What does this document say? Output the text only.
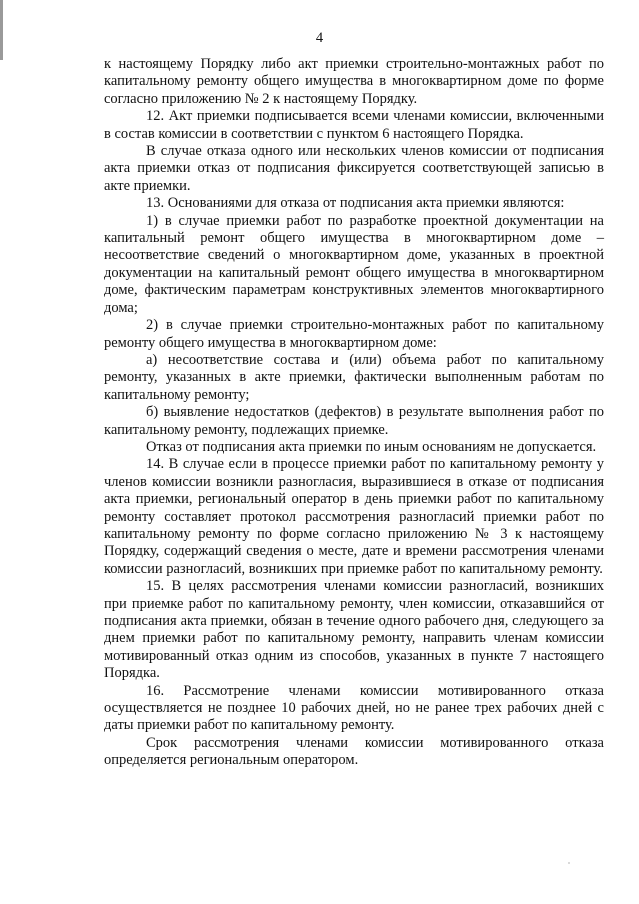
4

к настоящему Порядку либо акт приемки строительно-монтажных работ по капитальному ремонту общего имущества в многоквартирном доме по форме согласно приложению № 2 к настоящему Порядку.

12. Акт приемки подписывается всеми членами комиссии, включенными в состав комиссии в соответствии с пунктом 6 настоящего Порядка.

В случае отказа одного или нескольких членов комиссии от подписания акта приемки отказ от подписания фиксируется соответствующей записью в акте приемки.

13. Основаниями для отказа от подписания акта приемки являются:

1) в случае приемки работ по разработке проектной документации на капитальный ремонт общего имущества в многоквартирном доме – несоответствие сведений о многоквартирном доме, указанных в проектной документации на капитальный ремонт общего имущества в многоквартирном доме, фактическим параметрам конструктивных элементов многоквартирного дома;

2) в случае приемки строительно-монтажных работ по капитальному ремонту общего имущества в многоквартирном доме:

а) несоответствие состава и (или) объема работ по капитальному ремонту, указанных в акте приемки, фактически выполненным работам по капитальному ремонту;

б) выявление недостатков (дефектов) в результате выполнения работ по капитальному ремонту, подлежащих приемке.

Отказ от подписания акта приемки по иным основаниям не допускается.

14. В случае если в процессе приемки работ по капитальному ремонту у членов комиссии возникли разногласия, выразившиеся в отказе от подписания акта приемки, региональный оператор в день приемки работ по капитальному ремонту составляет протокол рассмотрения разногласий приемки работ по капитальному ремонту по форме согласно приложению № 3 к настоящему Порядку, содержащий сведения о месте, дате и времени рассмотрения членами комиссии разногласий, возникших при приемке работ по капитальному ремонту.

15. В целях рассмотрения членами комиссии разногласий, возникших при приемке работ по капитальному ремонту, член комиссии, отказавшийся от подписания акта приемки, обязан в течение одного рабочего дня, следующего за днем приемки работ по капитальному ремонту, направить членам комиссии мотивированный отказ одним из способов, указанных в пункте 7 настоящего Порядка.

16. Рассмотрение членами комиссии мотивированного отказа осуществляется не позднее 10 рабочих дней, но не ранее трех рабочих дней с даты приемки работ по капитальному ремонту.

Срок рассмотрения членами комиссии мотивированного отказа определяется региональным оператором.
